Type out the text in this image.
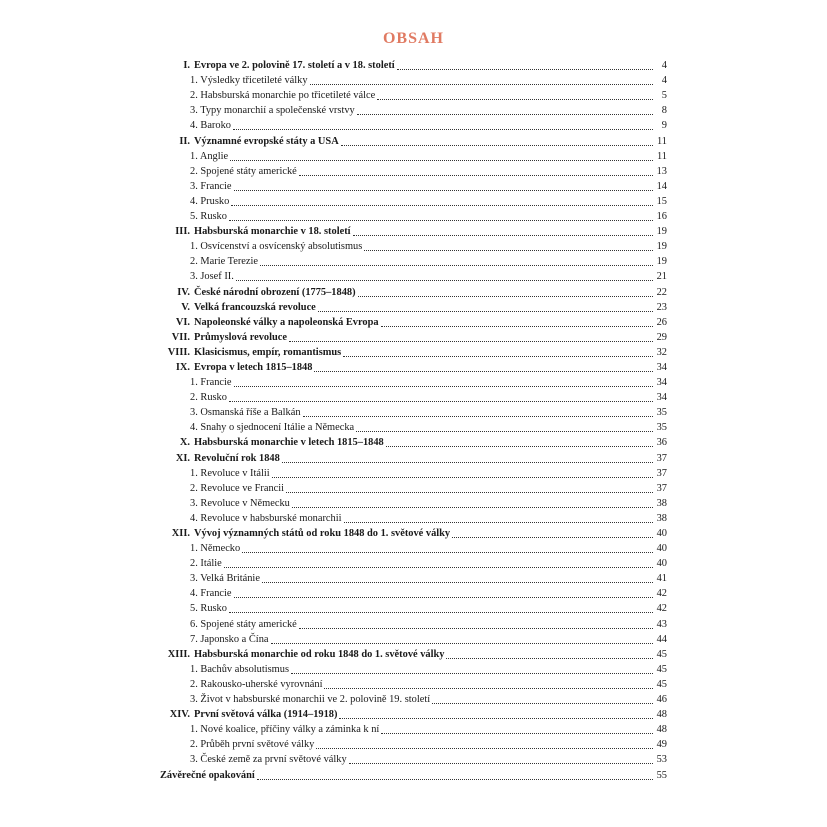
OBSAH
I. Evropa ve 2. polovině 17. století a v 18. století	4
1. Výsledky třicetileté války	4
2. Habsburská monarchie po třicetileté válce	5
3. Typy monarchií a společenské vrstvy	8
4. Baroko	9
II. Významné evropské státy a USA	11
1. Anglie	11
2. Spojené státy americké	13
3. Francie	14
4. Prusko	15
5. Rusko	16
III. Habsburská monarchie v 18. století	19
1. Osvícenství a osvícenský absolutismus	19
2. Marie Terezie	19
3. Josef II.	21
IV. České národní obrození (1775–1848)	22
V. Velká francouzská revoluce	23
VI. Napoleonské války a napoleonská Evropa	26
VII. Průmyslová revoluce	29
VIII. Klasicismus, empír, romantismus	32
IX. Evropa v letech 1815–1848	34
1. Francie	34
2. Rusko	34
3. Osmanská říše a Balkán	35
4. Snahy o sjednocení Itálie a Německa	35
X. Habsburská monarchie v letech 1815–1848	36
XI. Revoluční rok 1848	37
1. Revoluce v Itálii	37
2. Revoluce ve Francii	37
3. Revoluce v Německu	38
4. Revoluce v habsburské monarchii	38
XII. Vývoj významných států od roku 1848 do 1. světové války	40
1. Německo	40
2. Itálie	40
3. Velká Británie	41
4. Francie	42
5. Rusko	42
6. Spojené státy americké	43
7. Japonsko a Čína	44
XIII. Habsburská monarchie od roku 1848 do 1. světové války	45
1. Bachův absolutismus	45
2. Rakousko-uherské vyrovnání	45
3. Život v habsburské monarchii ve 2. polovině 19. století	46
XIV. První světová válka (1914–1918)	48
1. Nové koalice, příčiny války a záminka k ní	48
2. Průběh první světové války	49
3. České země za první světové války	53
Závěrečné opakování	55
